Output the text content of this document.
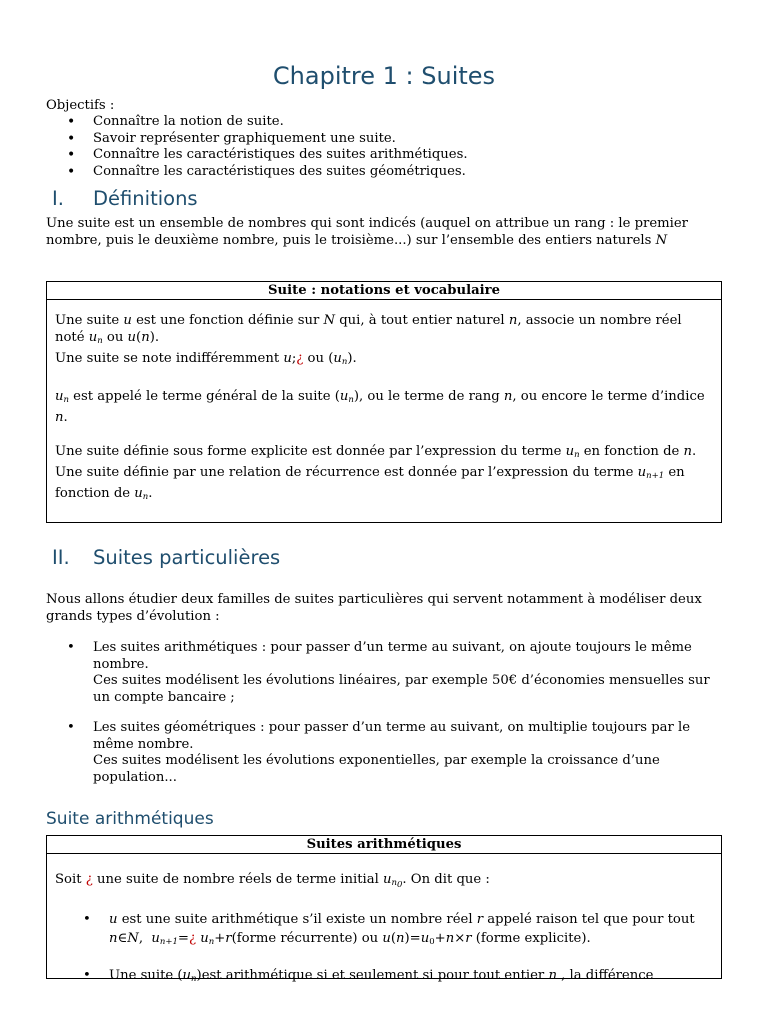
Chapitre 1 : Suites
Objectifs :
• Connaître la notion de suite.
• Savoir représenter graphiquement une suite.
• Connaître les caractéristiques des suites arithmétiques.
• Connaître les caractéristiques des suites géométriques.
I. Définitions
Une suite est un ensemble de nombres qui sont indicés (auquel on attribue un rang : le premier nombre, puis le deuxième nombre, puis le troisième...) sur l’ensemble des entiers naturels N
Suite : notations et vocabulaire

Une suite u est une fonction définie sur N qui, à tout entier naturel n, associe un nombre réel noté $u_n$ ou u(n).

Une suite se note indifféremment u;¿ ou $(u_n)$.

$u_n$ est appelé le terme général de la suite $(u_n)$, ou le terme de rang n, ou encore le terme d’indice n.

Une suite définie sous forme explicite est donnée par l’expression du terme $u_n$ en fonction de n.

Une suite définie par une relation de récurrence est donnée par l’expression du terme $u_{n+1}$ en fonction de $u_n$.

II. Suites particulières
Nous allons étudier deux familles de suites particulières qui servent notamment à modéliser deux grands types d’évolution :
• Les suites arithmétiques : pour passer d’un terme au suivant, on ajoute toujours le même nombre.
Ces suites modélisent les évolutions linéaires, par exemple 50€ d’économies mensuelles sur un compte bancaire ;
• Les suites géométriques : pour passer d’un terme au suivant, on multiplie toujours par le même nombre.
Ces suites modélisent les évolutions exponentielles, par exemple la croissance d’une population...
Suite arithmétiques
Suites arithmétiques

Soit ¿ une suite de nombre réels de terme initial $u_{n_0}$. On dit que :

• u est une suite arithmétique s’il existe un nombre réel r appelé raison tel que pour tout
n∈N,  $u_{n+1}=¿$ $u_n+r(forme$ récurrente) ou $u(n)=u_0+n\times r$ (forme explicite).
• Une suite $(u_n)est$ arithmétique si et seulement si pour tout entier n , la différence
